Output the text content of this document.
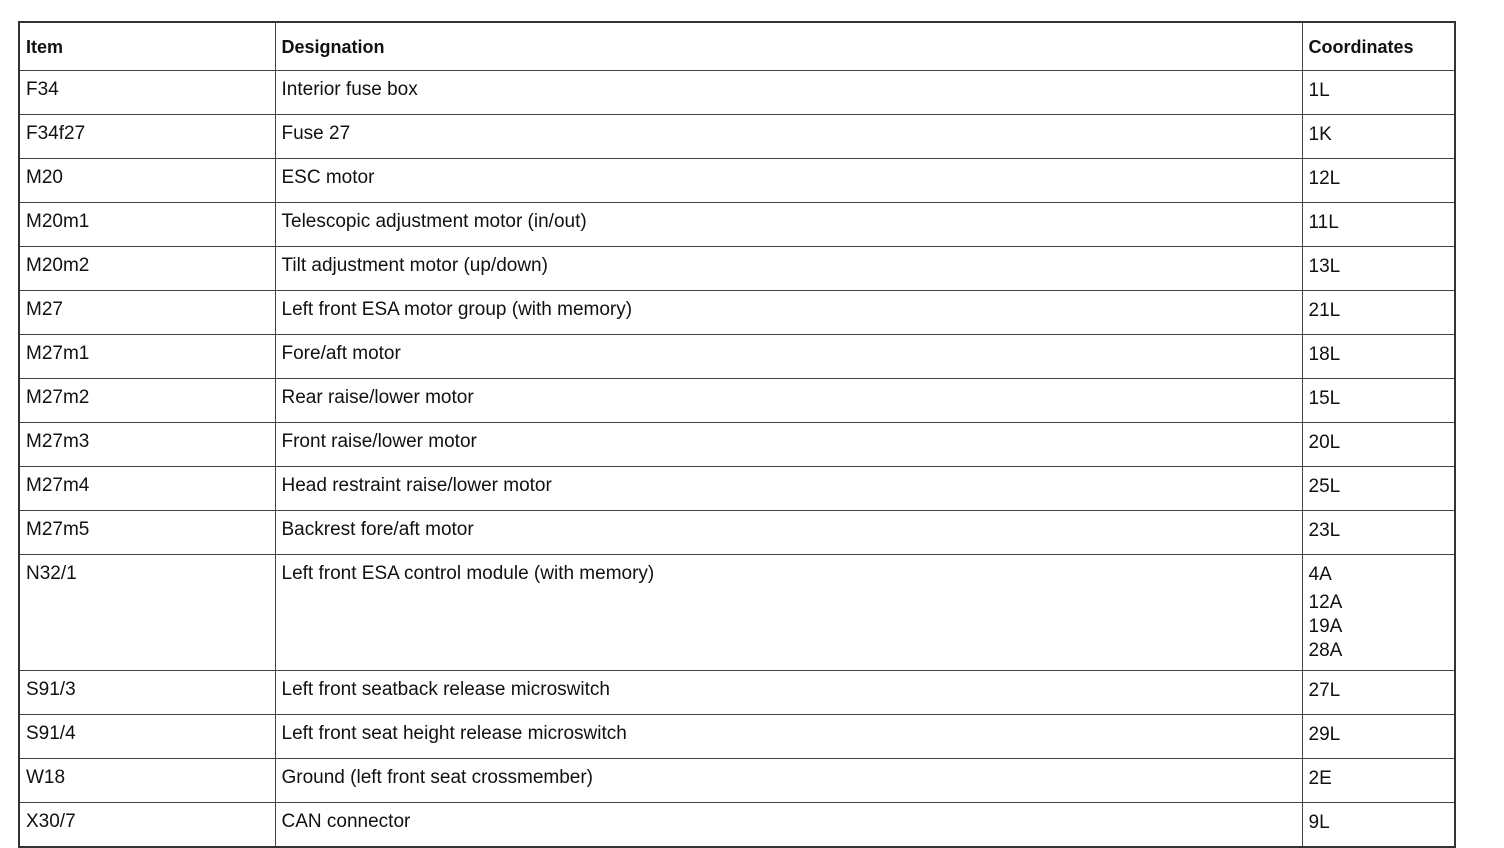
Item	Designation	Coordinates
F34	Interior fuse box	1L

F34f27	Fuse 27	1K

M20	ESC motor	12L

M20m1	Telescopic adjustment motor (in/out)	11L

M20m2	Tilt adjustment motor (up/down)	13L

M27	Left front ESA motor group (with memory)	21L

M27m1	Fore/aft motor	18L

M27m2	Rear raise/lower motor	15L

M27m3	Front raise/lower motor	20L

M27m4	Head restraint raise/lower motor	25L

M27m5	Backrest fore/aft motor	23L

N32/1	Left front ESA control module (with memory)	4A
12A
19A
28A

S91/3	Left front seatback release microswitch	27L

S91/4	Left front seat height release microswitch	29L

W18	Ground (left front seat crossmember)	2E

X30/7	CAN connector	9L
